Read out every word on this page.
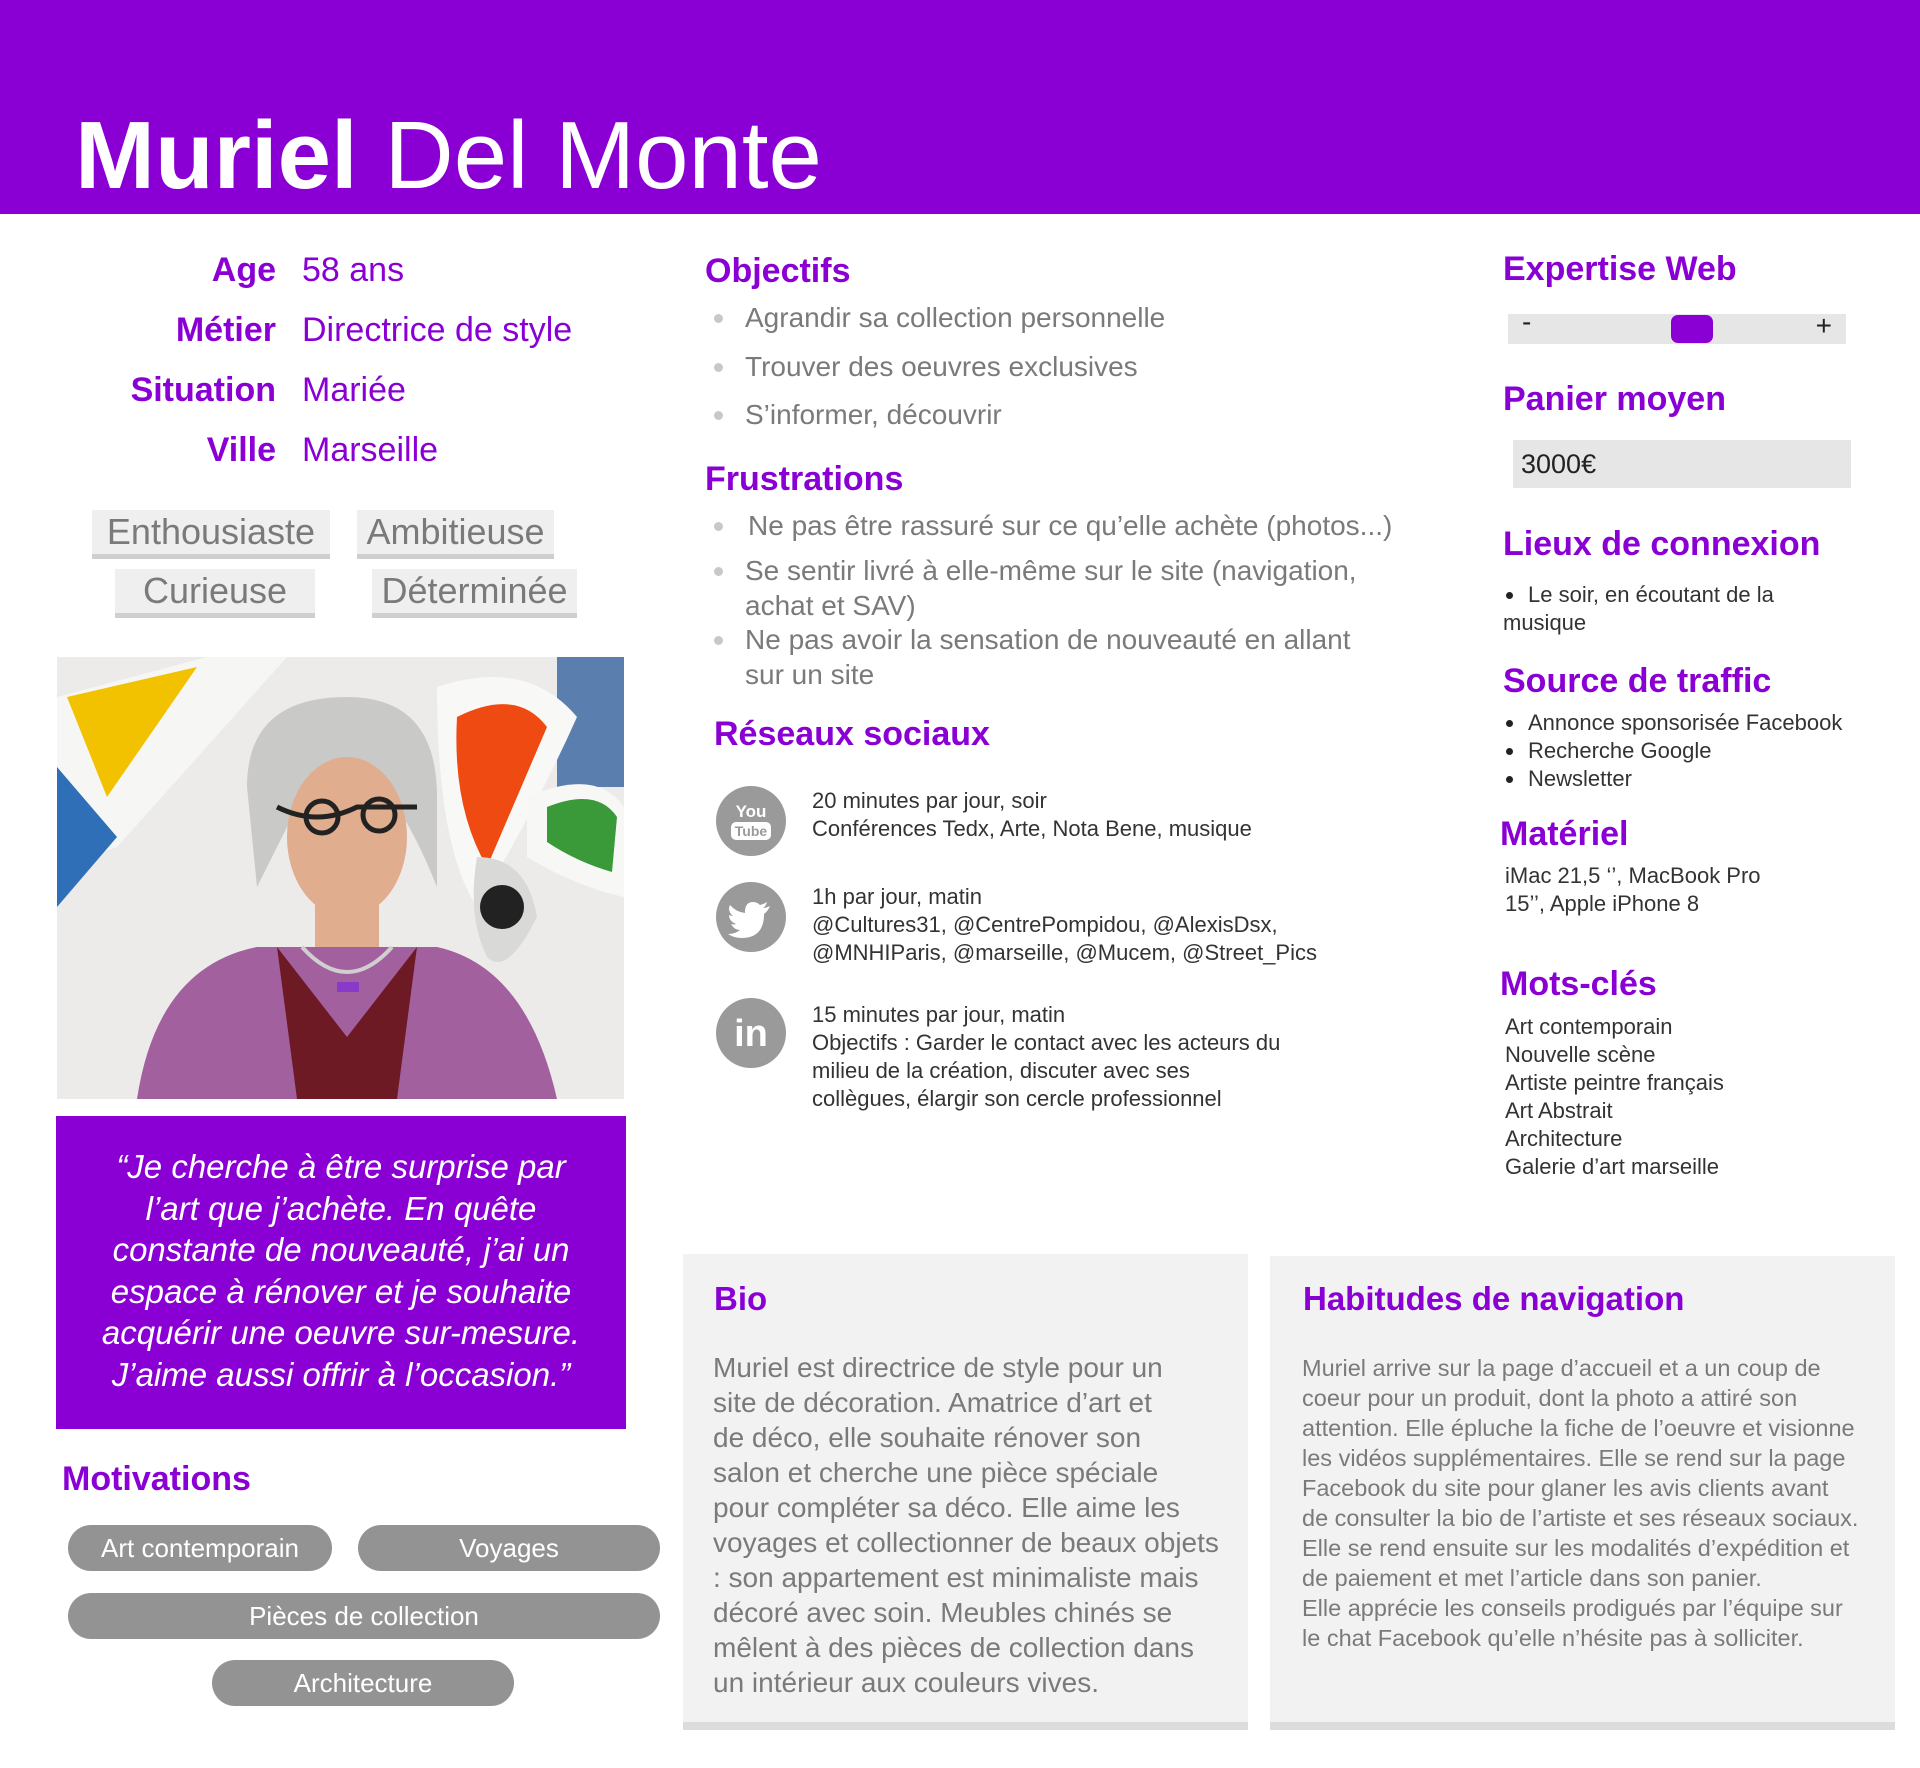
Muriel Del Monte
Age 58 ans
Métier Directrice de style
Situation Mariée
Ville Marseille
Enthousiaste	Ambitieuse
Curieuse	Déterminée
“Je cherche à être surprise par l’art que j’achète. En quête constante de nouveauté, j’ai un espace à rénover et je souhaite acquérir une oeuvre sur-mesure. J’aime aussi offrir à l’occasion.”
Motivations
Art contemporain	Voyages
Pièces de collection
Architecture
Objectifs
Agrandir sa collection personnelle
Trouver des oeuvres exclusives
S’informer, découvrir
Frustrations
Ne pas être rassuré sur ce qu’elle achète (photos...)
Se sentir livré à elle-même sur le site (navigation,
achat et SAV)
Ne pas avoir la sensation de nouveauté en allant
sur un site
Réseaux sociaux
You
Tube
20 minutes par jour, soir
Conférences Tedx, Arte, Nota Bene, musique
1h par jour, matin
@Cultures31, @CentrePompidou, @AlexisDsx,
@MNHIParis, @marseille, @Mucem, @Street_Pics
in 15 minutes par jour, matin
Objectifs : Garder le contact avec les acteurs du
milieu de la création, discuter avec ses
collègues, élargir son cercle professionnel
Expertise Web
-	+
Panier moyen
3000€
Lieux de connexion
Le soir, en écoutant de la
musique
Source de traffic
Annonce sponsorisée Facebook
Recherche Google
Newsletter
Matériel
iMac 21,5 ‘’, MacBook Pro
15’’, Apple iPhone 8
Mots-clés
Art contemporain
Nouvelle scène
Artiste peintre français
Art Abstrait
Architecture
Galerie d’art marseille
Bio
Muriel est directrice de style pour un
site de décoration. Amatrice d’art et
de déco, elle souhaite rénover son
salon et cherche une pièce spéciale
pour compléter sa déco. Elle aime les
voyages et collectionner de beaux objets
: son appartement est minimaliste mais
décoré avec soin. Meubles chinés se
mêlent à des pièces de collection dans
un intérieur aux couleurs vives.
Habitudes de navigation
Muriel arrive sur la page d’accueil et a un coup de
coeur pour un produit, dont la photo a attiré son
attention. Elle épluche la fiche de l’oeuvre et visionne
les vidéos supplémentaires. Elle se rend sur la page
Facebook du site pour glaner les avis clients avant
de consulter la bio de l’artiste et ses réseaux sociaux.
Elle se rend ensuite sur les modalités d’expédition et
de paiement et met l’article dans son panier.
Elle apprécie les conseils prodigués par l’équipe sur
le chat Facebook qu’elle n’hésite pas à solliciter.
